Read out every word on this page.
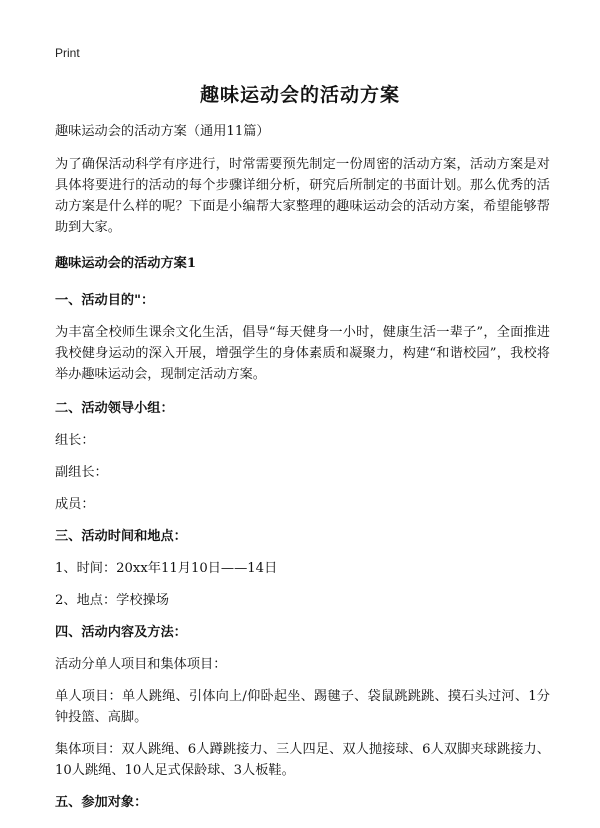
Print
趣味运动会的活动方案

趣味运动会的活动方案（通用11篇）

为了确保活动科学有序进行，时常需要预先制定一份周密的活动方案，活动方案是对具体将要进行的活动的每个步骤详细分析，研究后所制定的书面计划。那么优秀的活动方案是什么样的呢？下面是小编帮大家整理的趣味运动会的活动方案，希望能够帮助到大家。

趣味运动会的活动方案1
一、活动目的"：

为丰富全校师生课余文化生活，倡导“每天健身一小时，健康生活一辈子”，全面推进我校健身运动的深入开展，增强学生的身体素质和凝聚力，构建“和谐校园”，我校将举办趣味运动会，现制定活动方案。

二、活动领导小组：

组长：

副组长：

成员：

三、活动时间和地点：

1、时间：20xx年11月10日——14日

2、地点：学校操场

四、活动内容及方法：

活动分单人项目和集体项目：

单人项目：单人跳绳、引体向上/仰卧起坐、踢毽子、袋鼠跳跳跳、摸石头过河、1分钟投篮、高脚。

集体项目：双人跳绳、6人蹲跳接力、三人四足、双人抛接球、6人双脚夹球跳接力、10人跳绳、10人足式保龄球、3人板鞋。

五、参加对象：
